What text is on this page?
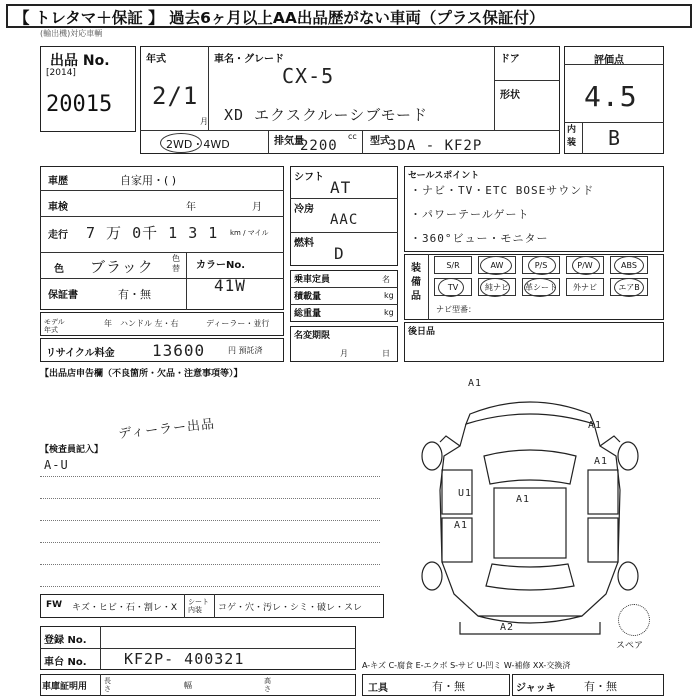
【 トレタマ＋保証 】 過去6ヶ月以上AA出品歴がない車両（プラス保証付）
(輸出機)対応車輌
出品 No.
[2014]
20015
年式
2/1
月
車名・グレード
CX-5
XD エクスクルーシブモード
ドア
形状
2WD・4WD	排気量
2200
cc 型式
3DA - KF2P
評価点
4.5
内装 B
車歴	自家用・( )
車検	年	月
走行 7 万 0千 1 3 1 km / マイル
色 ブラック 色替 カラーNo.
41W
保証書	有・無
モデル年式
年 ハンドル 左・右	ディーラー・並行
リサイクル料金 13600	円 預託済
シフト
AT
冷房
AAC
燃料
D
乗車定員	名
積載量	kg
総重量	kg
名変期限
月	日
セールスポイント
・ナビ・TV・ETC BOSEサウンド
・パワーテールゲート
・360°ビュー・モニター
装備品
S/R	AW	P/S	P/W	ABS
TV	純ナビ	革シート	外ナビ	エアB
ナビ型番：
後日品
【出品店申告欄（不良箇所・欠品・注意事項等）】
ディーラー出品
【検査員記入】
A-U
A1
A1
A1
U1
A1
A1
A2
スペア
FW キズ・ヒビ・石・割レ・X
シート 内装	コゲ・穴・汚レ・シミ・破レ・スレ
登録 No.
車台 No. KF2P- 400321	A-キズ C-腐食 E-エクボ S-サビ U-凹ミ W-補修 XX-交換済
車庫証明用
長さ	幅	高さ	工具	有・無	ジャッキ	有・無
